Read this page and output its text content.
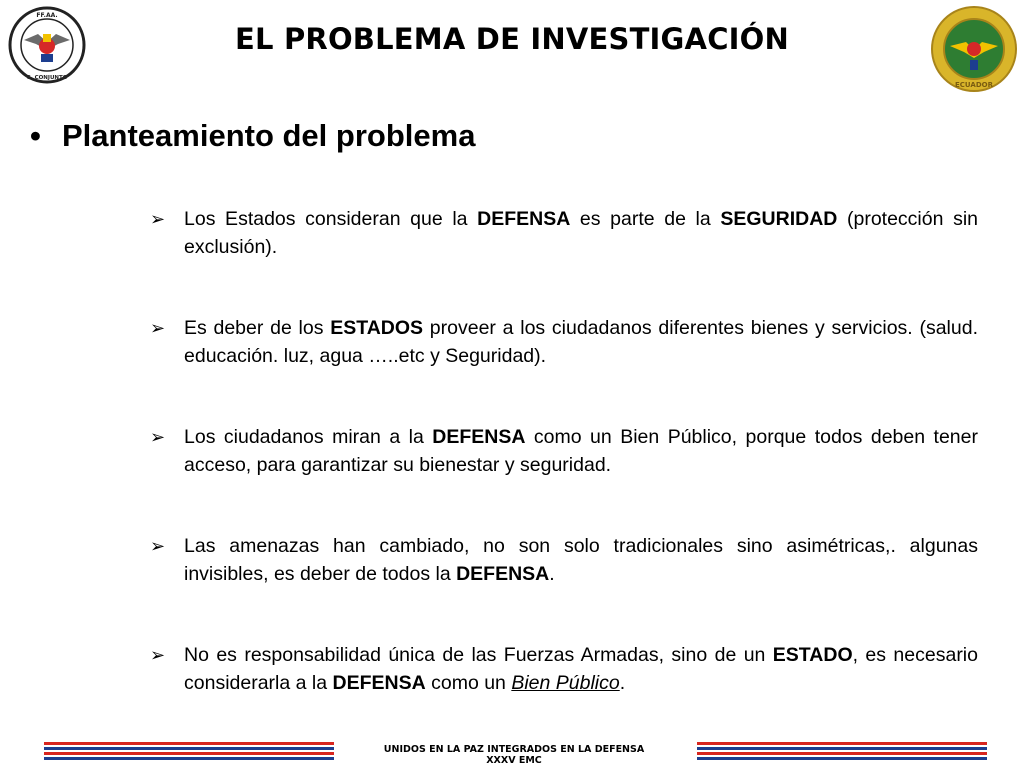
FF.AA.
C. CONJUNTO
ECUADOR
EL PROBLEMA DE INVESTIGACIÓN
• Planteamiento del problema
➢ Los Estados consideran que la DEFENSA es parte de la SEGURIDAD (protección sin exclusión).
➢ Es deber de los ESTADOS proveer a los ciudadanos diferentes bienes y servicios. (salud. educación. luz, agua …..etc y Seguridad).
➢ Los ciudadanos miran a la DEFENSA como un Bien Público, porque todos deben tener acceso, para garantizar su bienestar y seguridad.
➢ Las amenazas han cambiado, no son solo tradicionales sino asimétricas,. algunas invisibles, es deber de todos la DEFENSA.
➢ No es responsabilidad única de las Fuerzas Armadas, sino de un ESTADO, es necesario considerarla a la DEFENSA como un Bien Público.
UNIDOS EN LA PAZ INTEGRADOS EN LA DEFENSA
XXXV EMC
